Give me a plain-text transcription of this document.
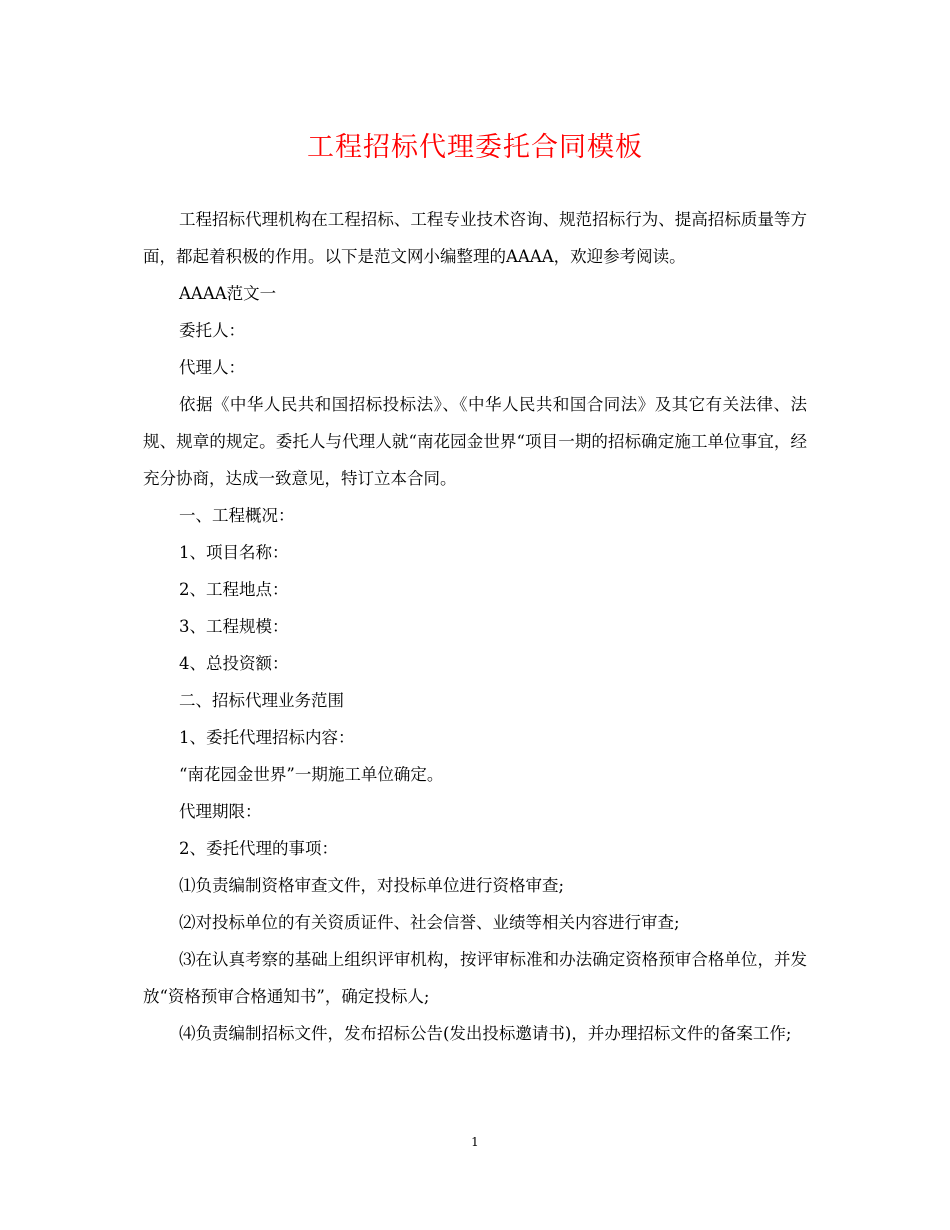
工程招标代理委托合同模板

工程招标代理机构在工程招标、工程专业技术咨询、规范招标行为、提高招标质量等方面，都起着积极的作用。以下是范文网小编整理的AAAA，欢迎参考阅读。

AAAA范文一

委托人：

代理人：

依据《中华人民共和国招标投标法》、《中华人民共和国合同法》及其它有关法律、法规、规章的规定。委托人与代理人就“南花园金世界“项目一期的招标确定施工单位事宜，经充分协商，达成一致意见，特订立本合同。

一、工程概况：

1、项目名称：

2、工程地点：

3、工程规模：

4、总投资额：

二、招标代理业务范围

1、委托代理招标内容：

“南花园金世界”一期施工单位确定。

代理期限：

2、委托代理的事项：

⑴负责编制资格审查文件，对投标单位进行资格审查;

⑵对投标单位的有关资质证件、社会信誉、业绩等相关内容进行审查;

⑶在认真考察的基础上组织评审机构，按评审标准和办法确定资格预审合格单位，并发放“资格预审合格通知书”，确定投标人;

⑷负责编制招标文件，发布招标公告(发出投标邀请书)，并办理招标文件的备案工作;

1
